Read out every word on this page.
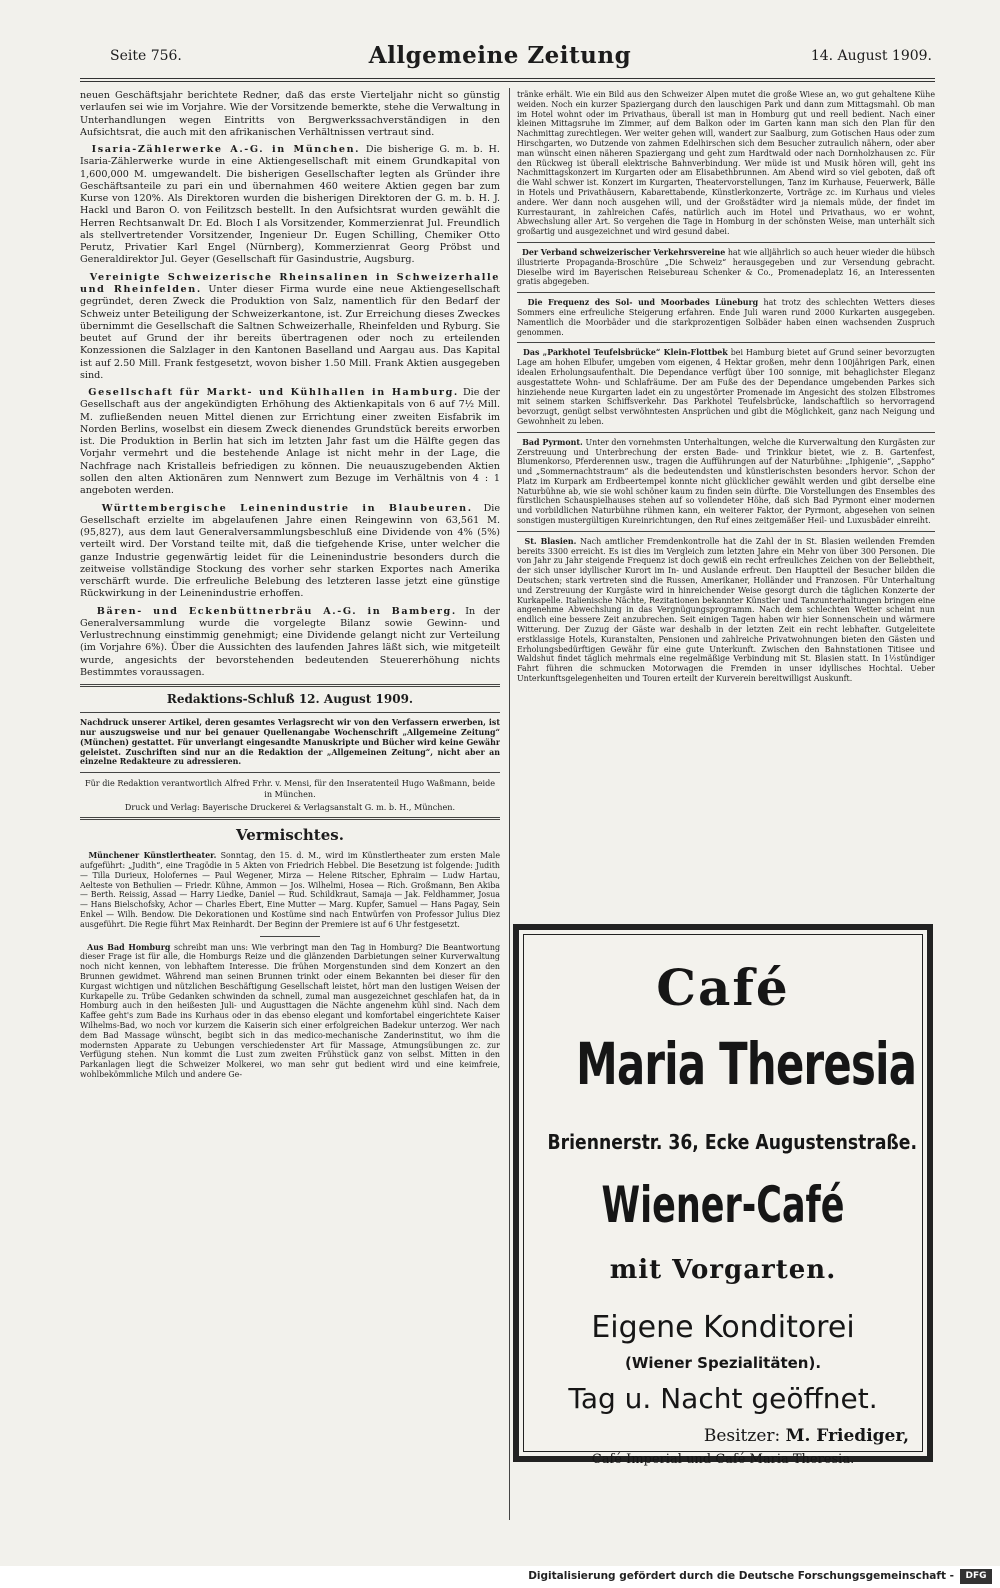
Seite 756.	Allgemeine Zeitung	14. August 1909.

neuen Geschäftsjahr berichtete Redner, daß das erste Vierteljahr nicht so günstig verlaufen sei wie im Vorjahre. Wie der Vorsitzende bemerkte, stehe die Verwaltung in Unterhandlungen wegen Eintritts von Bergwerkssachverständigen in den Aufsichtsrat, die auch mit den afrikanischen Verhältnissen vertraut sind.

Isaria-Zählerwerke A.-G. in München. Die bisherige G. m. b. H. Isaria-Zählerwerke wurde in eine Aktiengesellschaft mit einem Grundkapital von 1,600,000 M. umgewandelt. Die bisherigen Gesellschafter legten als Gründer ihre Geschäftsanteile zu pari ein und übernahmen 460 weitere Aktien gegen bar zum Kurse von 120%. Als Direktoren wurden die bisherigen Direktoren der G. m. b. H. J. Hackl und Baron O. von Feilitzsch bestellt. In den Aufsichtsrat wurden gewählt die Herren Rechtsanwalt Dr. Ed. Bloch I als Vorsitzender, Kommerzienrat Jul. Freundlich als stellvertretender Vorsitzender, Ingenieur Dr. Eugen Schilling, Chemiker Otto Perutz, Privatier Karl Engel (Nürnberg), Kommerzienrat Georg Pröbst und Generaldirektor Jul. Geyer (Gesellschaft für Gasindustrie, Augsburg.

Vereinigte Schweizerische Rheinsalinen in Schweizerhalle und Rheinfelden. Unter dieser Firma wurde eine neue Aktiengesellschaft gegründet, deren Zweck die Produktion von Salz, namentlich für den Bedarf der Schweiz unter Beteiligung der Schweizerkantone, ist. Zur Erreichung dieses Zweckes übernimmt die Gesellschaft die Saltnen Schweizerhalle, Rheinfelden und Ryburg. Sie beutet auf Grund der ihr bereits übertragenen oder noch zu erteilenden Konzessionen die Salzlager in den Kantonen Baselland und Aargau aus. Das Kapital ist auf 2.50 Mill. Frank festgesetzt, wovon bisher 1.50 Mill. Frank Aktien ausgegeben sind.

Gesellschaft für Markt- und Kühlhallen in Hamburg. Die der Gesellschaft aus der angekündigten Erhöhung des Aktienkapitals von 6 auf 7½ Mill. M. zufließenden neuen Mittel dienen zur Errichtung einer zweiten Eisfabrik im Norden Berlins, woselbst ein diesem Zweck dienendes Grundstück bereits erworben ist. Die Produktion in Berlin hat sich im letzten Jahr fast um die Hälfte gegen das Vorjahr vermehrt und die bestehende Anlage ist nicht mehr in der Lage, die Nachfrage nach Kristalleis befriedigen zu können. Die neuauszugebenden Aktien sollen den alten Aktionären zum Nennwert zum Bezuge im Verhältnis von 4 : 1 angeboten werden.

Württembergische Leinenindustrie in Blaubeuren. Die Gesellschaft erzielte im abgelaufenen Jahre einen Reingewinn von 63,561 M. (95,827), aus dem laut Generalversammlungsbeschluß eine Dividende von 4% (5%) verteilt wird. Der Vorstand teilte mit, daß die tiefgehende Krise, unter welcher die ganze Industrie gegenwärtig leidet für die Leinenindustrie besonders durch die zeitweise vollständige Stockung des vorher sehr starken Exportes nach Amerika verschärft wurde. Die erfreuliche Belebung des letzteren lasse jetzt eine günstige Rückwirkung in der Leinenindustrie erhoffen.

Bären- und Eckenbüttnerbräu A.-G. in Bamberg. In der Generalversammlung wurde die vorgelegte Bilanz sowie Gewinn- und Verlustrechnung einstimmig genehmigt; eine Dividende gelangt nicht zur Verteilung (im Vorjahre 6%). Über die Aussichten des laufenden Jahres läßt sich, wie mitgeteilt wurde, angesichts der bevorstehenden bedeutenden Steuererhöhung nichts Bestimmtes voraussagen.

Redaktions-Schluß 12. August 1909.

Nachdruck unserer Artikel, deren gesamtes Verlagsrecht wir von den Verfassern erwerben, ist nur auszugsweise und nur bei genauer Quellenangabe Wochenschrift „Allgemeine Zeitung“ (München) gestattet. Für unverlangt eingesandte Manuskripte und Bücher wird keine Gewähr geleistet. Zuschriften sind nur an die Redaktion der „Allgemeinen Zeitung“, nicht aber an einzelne Redakteure zu adressieren.

Für die Redaktion verantwortlich Alfred Frhr. v. Mensi, für den Inseratenteil Hugo Waßmann, beide in München.
Druck und Verlag: Bayerische Druckerei & Verlagsanstalt G. m. b. H., München.
Vermischtes.

Münchener Künstlertheater. Sonntag, den 15. d. M., wird im Künstlertheater zum ersten Male aufgeführt: „Judith“, eine Tragödie in 5 Akten von Friedrich Hebbel. Die Besetzung ist folgende: Judith — Tilla Durieux, Holofernes — Paul Wegener, Mirza — Helene Ritscher, Ephraim — Ludw Hartau, Aelteste von Bethulien — Friedr. Kühne, Ammon — Jos. Wilhelmi, Hosea — Rich. Großmann, Ben Akiba — Berth. Reissig, Assad — Harry Liedke, Daniel — Rud. Schildkraut, Samaja — Jak. Feldhammer, Josua — Hans Bielschofsky, Achor — Charles Ebert, Eine Mutter — Marg. Kupfer, Samuel — Hans Pagay, Sein Enkel — Wilh. Bendow. Die Dekorationen und Kostüme sind nach Entwürfen von Professor Julius Diez ausgeführt. Die Regie führt Max Reinhardt. Der Beginn der Premiere ist auf 6 Uhr festgesetzt.

Aus Bad Homburg schreibt man uns: Wie verbringt man den Tag in Homburg? Die Beantwortung dieser Frage ist für alle, die Homburgs Reize und die glänzenden Darbietungen seiner Kurverwaltung noch nicht kennen, von lebhaftem Interesse. Die frühen Morgenstunden sind dem Konzert an den Brunnen gewidmet. Während man seinen Brunnen trinkt oder einem Bekannten bei dieser für den Kurgast wichtigen und nützlichen Beschäftigung Gesellschaft leistet, hört man den lustigen Weisen der Kurkapelle zu. Trübe Gedanken schwinden da schnell, zumal man ausgezeichnet geschlafen hat, da in Homburg auch in den heißesten Juli- und Augusttagen die Nächte angenehm kühl sind. Nach dem Kaffee geht's zum Bade ins Kurhaus oder in das ebenso elegant und komfortabel eingerichtete Kaiser Wilhelms-Bad, wo noch vor kurzem die Kaiserin sich einer erfolgreichen Badekur unterzog. Wer nach dem Bad Massage wünscht, begibt sich in das medico-mechanische Zanderinstitut, wo ihm die modernsten Apparate zu Uebungen verschiedenster Art für Massage, Atmungsübungen zc. zur Verfügung stehen. Nun kommt die Lust zum zweiten Frühstück ganz von selbst. Mitten in den Parkanlagen liegt die Schweizer Molkerei, wo man sehr gut bedient wird und eine keimfreie, wohlbekömmliche Milch und andere Ge-

tränke erhält. Wie ein Bild aus den Schweizer Alpen mutet die große Wiese an, wo gut gehaltene Kühe weiden. Noch ein kurzer Spaziergang durch den lauschigen Park und dann zum Mittagsmahl. Ob man im Hotel wohnt oder im Privathaus, überall ist man in Homburg gut und reell bedient. Nach einer kleinen Mittagsruhe im Zimmer, auf dem Balkon oder im Garten kann man sich den Plan für den Nachmittag zurechtlegen. Wer weiter gehen will, wandert zur Saalburg, zum Gotischen Haus oder zum Hirschgarten, wo Dutzende von zahmen Edelhirschen sich dem Besucher zutraulich nähern, oder aber man wünscht einen näheren Spaziergang und geht zum Hardtwald oder nach Dornholzhausen zc. Für den Rückweg ist überall elektrische Bahnverbindung. Wer müde ist und Musik hören will, geht ins Nachmittagskonzert im Kurgarten oder am Elisabethbrunnen. Am Abend wird so viel geboten, daß oft die Wahl schwer ist. Konzert im Kurgarten, Theatervorstellungen, Tanz im Kurhause, Feuerwerk, Bälle in Hotels und Privathäusern, Kabarettabende, Künstlerkonzerte, Vorträge zc. im Kurhaus und vieles andere. Wer dann noch ausgehen will, und der Großstädter wird ja niemals müde, der findet im Kurrestaurant, in zahlreichen Cafés, natürlich auch im Hotel und Privathaus, wo er wohnt, Abwechslung aller Art. So vergehen die Tage in Homburg in der schönsten Weise, man unterhält sich großartig und ausgezeichnet und wird gesund dabei.

Der Verband schweizerischer Verkehrsvereine hat wie alljährlich so auch heuer wieder die hübsch illustrierte Propaganda-Broschüre „Die Schweiz“ herausgegeben und zur Versendung gebracht. Dieselbe wird im Bayerischen Reisebureau Schenker & Co., Promenadeplatz 16, an Interessenten gratis abgegeben.

Die Frequenz des Sol- und Moorbades Lüneburg hat trotz des schlechten Wetters dieses Sommers eine erfreuliche Steigerung erfahren. Ende Juli waren rund 2000 Kurkarten ausgegeben. Namentlich die Moorbäder und die starkprozentigen Solbäder haben einen wachsenden Zuspruch genommen.

Das „Parkhotel Teufelsbrücke“ Klein-Flottbek bei Hamburg bietet auf Grund seiner bevorzugten Lage am hohen Elbufer, umgeben vom eigenen, 4 Hektar großen, mehr denn 100jährigen Park, einen idealen Erholungsaufenthalt. Die Dependance verfügt über 100 sonnige, mit behaglichster Eleganz ausgestattete Wohn- und Schlafräume. Der am Fuße des der Dependance umgebenden Parkes sich hinziehende neue Kurgarten ladet ein zu ungestörter Promenade im Angesicht des stolzen Elbstromes mit seinem starken Schiffsverkehr. Das Parkhotel Teufelsbrücke, landschaftlich so hervorragend bevorzugt, genügt selbst verwöhntesten Ansprüchen und gibt die Möglichkeit, ganz nach Neigung und Gewohnheit zu leben.

Bad Pyrmont. Unter den vornehmsten Unterhaltungen, welche die Kurverwaltung den Kurgästen zur Zerstreuung und Unterbrechung der ersten Bade- und Trinkkur bietet, wie z. B. Gartenfest, Blumenkorso, Pferderennen usw., tragen die Aufführungen auf der Naturbühne: „Iphigenie“, „Sappho“ und „Sommernachtstraum“ als die bedeutendsten und künstlerischsten besonders hervor. Schon der Platz im Kurpark am Erdbeertempel konnte nicht glücklicher gewählt werden und gibt derselbe eine Naturbühne ab, wie sie wohl schöner kaum zu finden sein dürfte. Die Vorstellungen des Ensembles des fürstlichen Schauspielhauses stehen auf so vollendeter Höhe, daß sich Bad Pyrmont einer modernen und vorbildlichen Naturbühne rühmen kann, ein weiterer Faktor, der Pyrmont, abgesehen von seinen sonstigen mustergültigen Kureinrichtungen, den Ruf eines zeitgemäßer Heil- und Luxusbäder einreiht.

St. Blasien. Nach amtlicher Fremdenkontrolle hat die Zahl der in St. Blasien weilenden Fremden bereits 3300 erreicht. Es ist dies im Vergleich zum letzten Jahre ein Mehr von über 300 Personen. Die von Jahr zu Jahr steigende Frequenz ist doch gewiß ein recht erfreuliches Zeichen von der Beliebtheit, der sich unser idyllischer Kurort im In- und Auslande erfreut. Den Hauptteil der Besucher bilden die Deutschen; stark vertreten sind die Russen, Amerikaner, Holländer und Franzosen. Für Unterhaltung und Zerstreuung der Kurgäste wird in hinreichender Weise gesorgt durch die täglichen Konzerte der Kurkapelle. Italienische Nächte, Rezitationen bekannter Künstler und Tanzunterhaltungen bringen eine angenehme Abwechslung in das Vergnügungsprogramm. Nach dem schlechten Wetter scheint nun endlich eine bessere Zeit anzubrechen. Seit einigen Tagen haben wir hier Sonnenschein und wärmere Witterung. Der Zuzug der Gäste war deshalb in der letzten Zeit ein recht lebhafter. Gutgeleitete erstklassige Hotels, Kuranstalten, Pensionen und zahlreiche Privatwohnungen bieten den Gästen und Erholungsbedürftigen Gewähr für eine gute Unterkunft. Zwischen den Bahnstationen Titisee und Waldshut findet täglich mehrmals eine regelmäßige Verbindung mit St. Blasien statt. In 1½stündiger Fahrt führen die schmucken Motorwagen die Fremden in unser idyllisches Hochtal. Ueber Unterkunftsgelegenheiten und Touren erteilt der Kurverein bereitwilligst Auskunft.

Café
Maria Theresia
Briennerstr. 36, Ecke Augustenstraße.
Wiener-Café
mit Vorgarten.
Eigene Konditorei
(Wiener Spezialitäten).
Tag u. Nacht geöffnet.
Besitzer: M. Friediger,
Café Imperial und Café Maria Theresia.
Digitalisierung gefördert durch die Deutsche Forschungsgemeinschaft -	DFG
